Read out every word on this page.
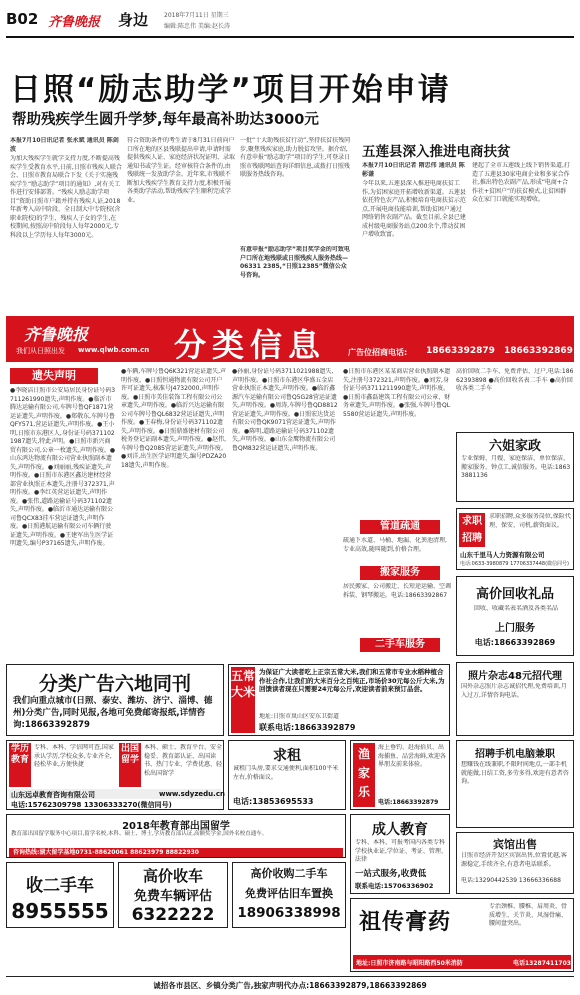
B02 齐鲁晚报 身边	2018年7月11日 星期三
编辑:陈忠伟 美编:赵长涛
日照“励志助学”项目开始申请
帮助残疾学生圆升学梦,每年最高补助达3000元
本报7月10日讯记者 张永斌 通讯员 陈剑波
为加大残疾学生就学支持力度,不断提高残疾学生受教育水平,日前,日照市残疾人联合会、日照市教育局联合下发《关于实施残疾学生“励志助学”项目的通知》,对有关工作进行安排部署。“残疾人励志助学项目”资助日照市户籍并持有残疾人证,2018年新考入高中阶段、全日制大中专院校(含职业院校)的学生、残疾人子女的学生,在校期间,按照高中阶段每人每年2000元,专科段以上学历每人每年3000元。
符合资助条件的考生请于8月31日前向户口所在地的区县残联提出申请,申请时需提供残疾人证、家庭经济状况证明、录取通知书或学生证。经审核符合条件的,由残联统一发放助学金。近年来,市残联不断加大残疾学生教育支持力度,积极开展各类助学活动,帮助残疾学生顺利完成学业。
一批“十大助残扶贫行动”,坚持扶贫扶残同步,聚焦残疾家庭,助力脱贫攻坚。据介绍,有意申报“励志助学”项目的学生,可登录日照市残联网站查询详细信息,或拨打日照残联服务热线咨询。
有意申报“励志助学”项目奖学金的可致电户口所在地残联或日照残疾人服务热线—06331 2385,“日照12385”微信公众号咨询。
五莲县深入推进电商扶贫
本报7月10日讯记者 隋忠伟 通讯员 陈彬谦
今年以来,五莲县深入推进电商扶贫工作,为贫困家庭开拓增收新渠道。五莲县依托特色农产品,积极培育电商扶贫示范点,开展电商技能培训,帮助贫困户通过网络销售农副产品。截至目前,全县已建成村级电商服务站点200余个,带动贫困户增收致富。
建起了全市五莲线上线下销售渠道,打造了五莲县30家电商企业和多家合作社,推出特色农副产品,形成“电商+合作社+贫困户”的扶贫模式,让贫困群众在家门口就能实现增收。
齐鲁晚报
我们从日照出发 www.qlwb.com.cn 分类信息	广告位招商电话: 18663392879 18663392869
遗失声明
●李晓洁日照市公安局居民身份证号码3711261990遗失,声明作废。●临沂市腾达运输有限公司,车牌号鲁QF1871营运证遗失,声明作废。●郑敬东,车牌号鲁QFY571,营运证遗失,声明作废。●王小明,日照市东港区人,身份证号码3711021987遗失,特此声明。●日照市新兴商贸有限公司,公章一枚遗失,声明作废。●山东鸿达物流有限公司营业执照副本遗失,声明作废。●刘丽丽,残疾证遗失,声明作废。●日照市东港区鑫达建材经营部营业执照正本遗失,注册号372371,声明作废。●李红英营运证遗失,声明作废。●张伟,道路运输证号码371102遗失,声明作废。●临沂市通达运输有限公司鲁QCX83挂车营运证遗失,声明作废。●日照港航运输有限公司车辆行驶证遗失,声明作废。●王建军出生医学证明遗失,编号P37165遗失,声明作废。
●车辆,车牌号鲁Q6K321营运证遗失,声明作废。●日照恒通物流有限公司开户许可证遗失,核准号J4732000,声明作废。●日照市美佳装饰工程有限公司公章遗失,声明作废。●临沂兴达运输有限公司车牌号鲁QL6832营运证遗失,声明作废。●王春梅,身份证号码371102遗失,声明作废。●日照鼎盛建材有限公司税务登记证副本遗失,声明作废。●赵伟,车牌号鲁Q2085营运证遗失,声明作废。●刘洋,出生医学证明遗失,编号PDZA2018遗失,声明作废。
●孙丽,身份证号码3711021988遗失,声明作废。●日照市东港区华盛五金店营业执照正本遗失,声明作废。●临沂鑫源汽车运输有限公司鲁Q5G28营运证遗失,声明作废。●周涛,车牌号鲁QD8812营运证遗失,声明作废。●日照宏达货运有限公司鲁QK9071营运证遗失,声明作废。●陈明,道路运输证号码371102遗失,声明作废。●山东金鹰物流有限公司鲁QM832营运证遗失,声明作废。
●日照市东港区某某商店营业执照副本遗失,注册号372321,声明作废。●刘芳,身份证号码3711211990遗失,声明作废。●日照市鑫磊建筑工程有限公司公章、财务章遗失,声明作废。●张强,车牌号鲁QL5580营运证遗失,声明作废。
管道疏通
疏通下水道、马桶、地漏、化粪池清理,专业高效,随叫随到,价格合理。
搬家服务
居民搬家、公司搬迁、长短途运输、空调拆装、钢琴搬运。电话:18663392867
二手车服务
高价回收二手车、免费评估、过户,电话:18662393898 ●高价回收名表二手车 ●高价回收各类二手车
六姐家政
专业保姆、月嫂、家庭保洁、单位保洁、搬家服务、钟点工,诚信服务。电话:18633881136
求职招聘
求职招聘,众多服务岗位,保险代理、保安、司机,薪资面议。
山东千里马人力资源有限公司
电话:0633-3980879 17706337448(微信同号)
高价回收礼品
回收、收藏名表名酒及各类名品
上门服务
电话:18663392869
分类广告六地同刊
我们向重点城市(日照、泰安、潍坊、济宁、淄博、德州)分类广告,同时见报,各地可免费邮寄报纸,详情咨询:18663392879
五常大米
为保证广大读者吃上正宗五常大米,我们和五常市专业水稻种植合作社合作,让我们的大米百分之百纯正,市场价30元每公斤大米,为回馈读者现在只需要24元每公斤,欢迎读者前来预订品尝。
地址:日照市岚山区安东卫街道
联系电话:18663392879
照片杂志48元招代理
国外杂志照片杂志诚招代理,免费培训,月入过万,详情咨询电话。
学历教育
专科、本科、学信网可查,国家承认学历,学校众多,专业齐全,轻松毕业,方便快捷
出国留学
本科、硕士、教育平台、安全稳妥、教育部认证、出国读书、热门专业、学费优惠、轻松出国留学
山东远卓教育咨询有限公司	www.sdyzedu.cn
电话:15762309798 13306333270(微信同号)
求租
诚租门头房,要求交通便利,面积100平米左右,价格面议。
电话:13853695533
渔家乐
海上垂钓、赶海拾贝、出海捕鱼、品尝海鲜,欢迎各界朋友前来体验。
电话:18663392879
招聘手机电脑兼职
想赚钱在线兼职,不限时间地点,一部手机就能做,日结工资,多劳多得,欢迎有意者咨询。
2018年教育部出国留学
教育部出国留学服务中心项目,留学名校,本科、硕士、博士,学历教育部认证,高额奖学金,国外名校直通车。
咨询热线:湖大留学基地0731-88620061 88623979 88822930
成人教育
专科、本科、可报考国内各类专科学校执业证,学位证、考证、管理、法律
一站式服务,收费低
联系电话:15706336902
宾馆出售
日照市经济开发区宾馆出售,位置优越,客源稳定,手续齐全,有意者电话联系。
电话:13290442539 13666336688
收二手车
8955555
高价收车
免费车辆评估
6322222
高价收购二手车
免费评估旧车置换
18906338998 祖传膏药
专治颈椎、腰椎、肩周炎、骨质增生、关节炎、风湿骨痛、腰间盘突出。
地址:日照市济南路与昭阳路西50米消防	电话13287411703
诚招各市县区、乡镇分类广告,独家声明代办点:18663392879,18663392869
